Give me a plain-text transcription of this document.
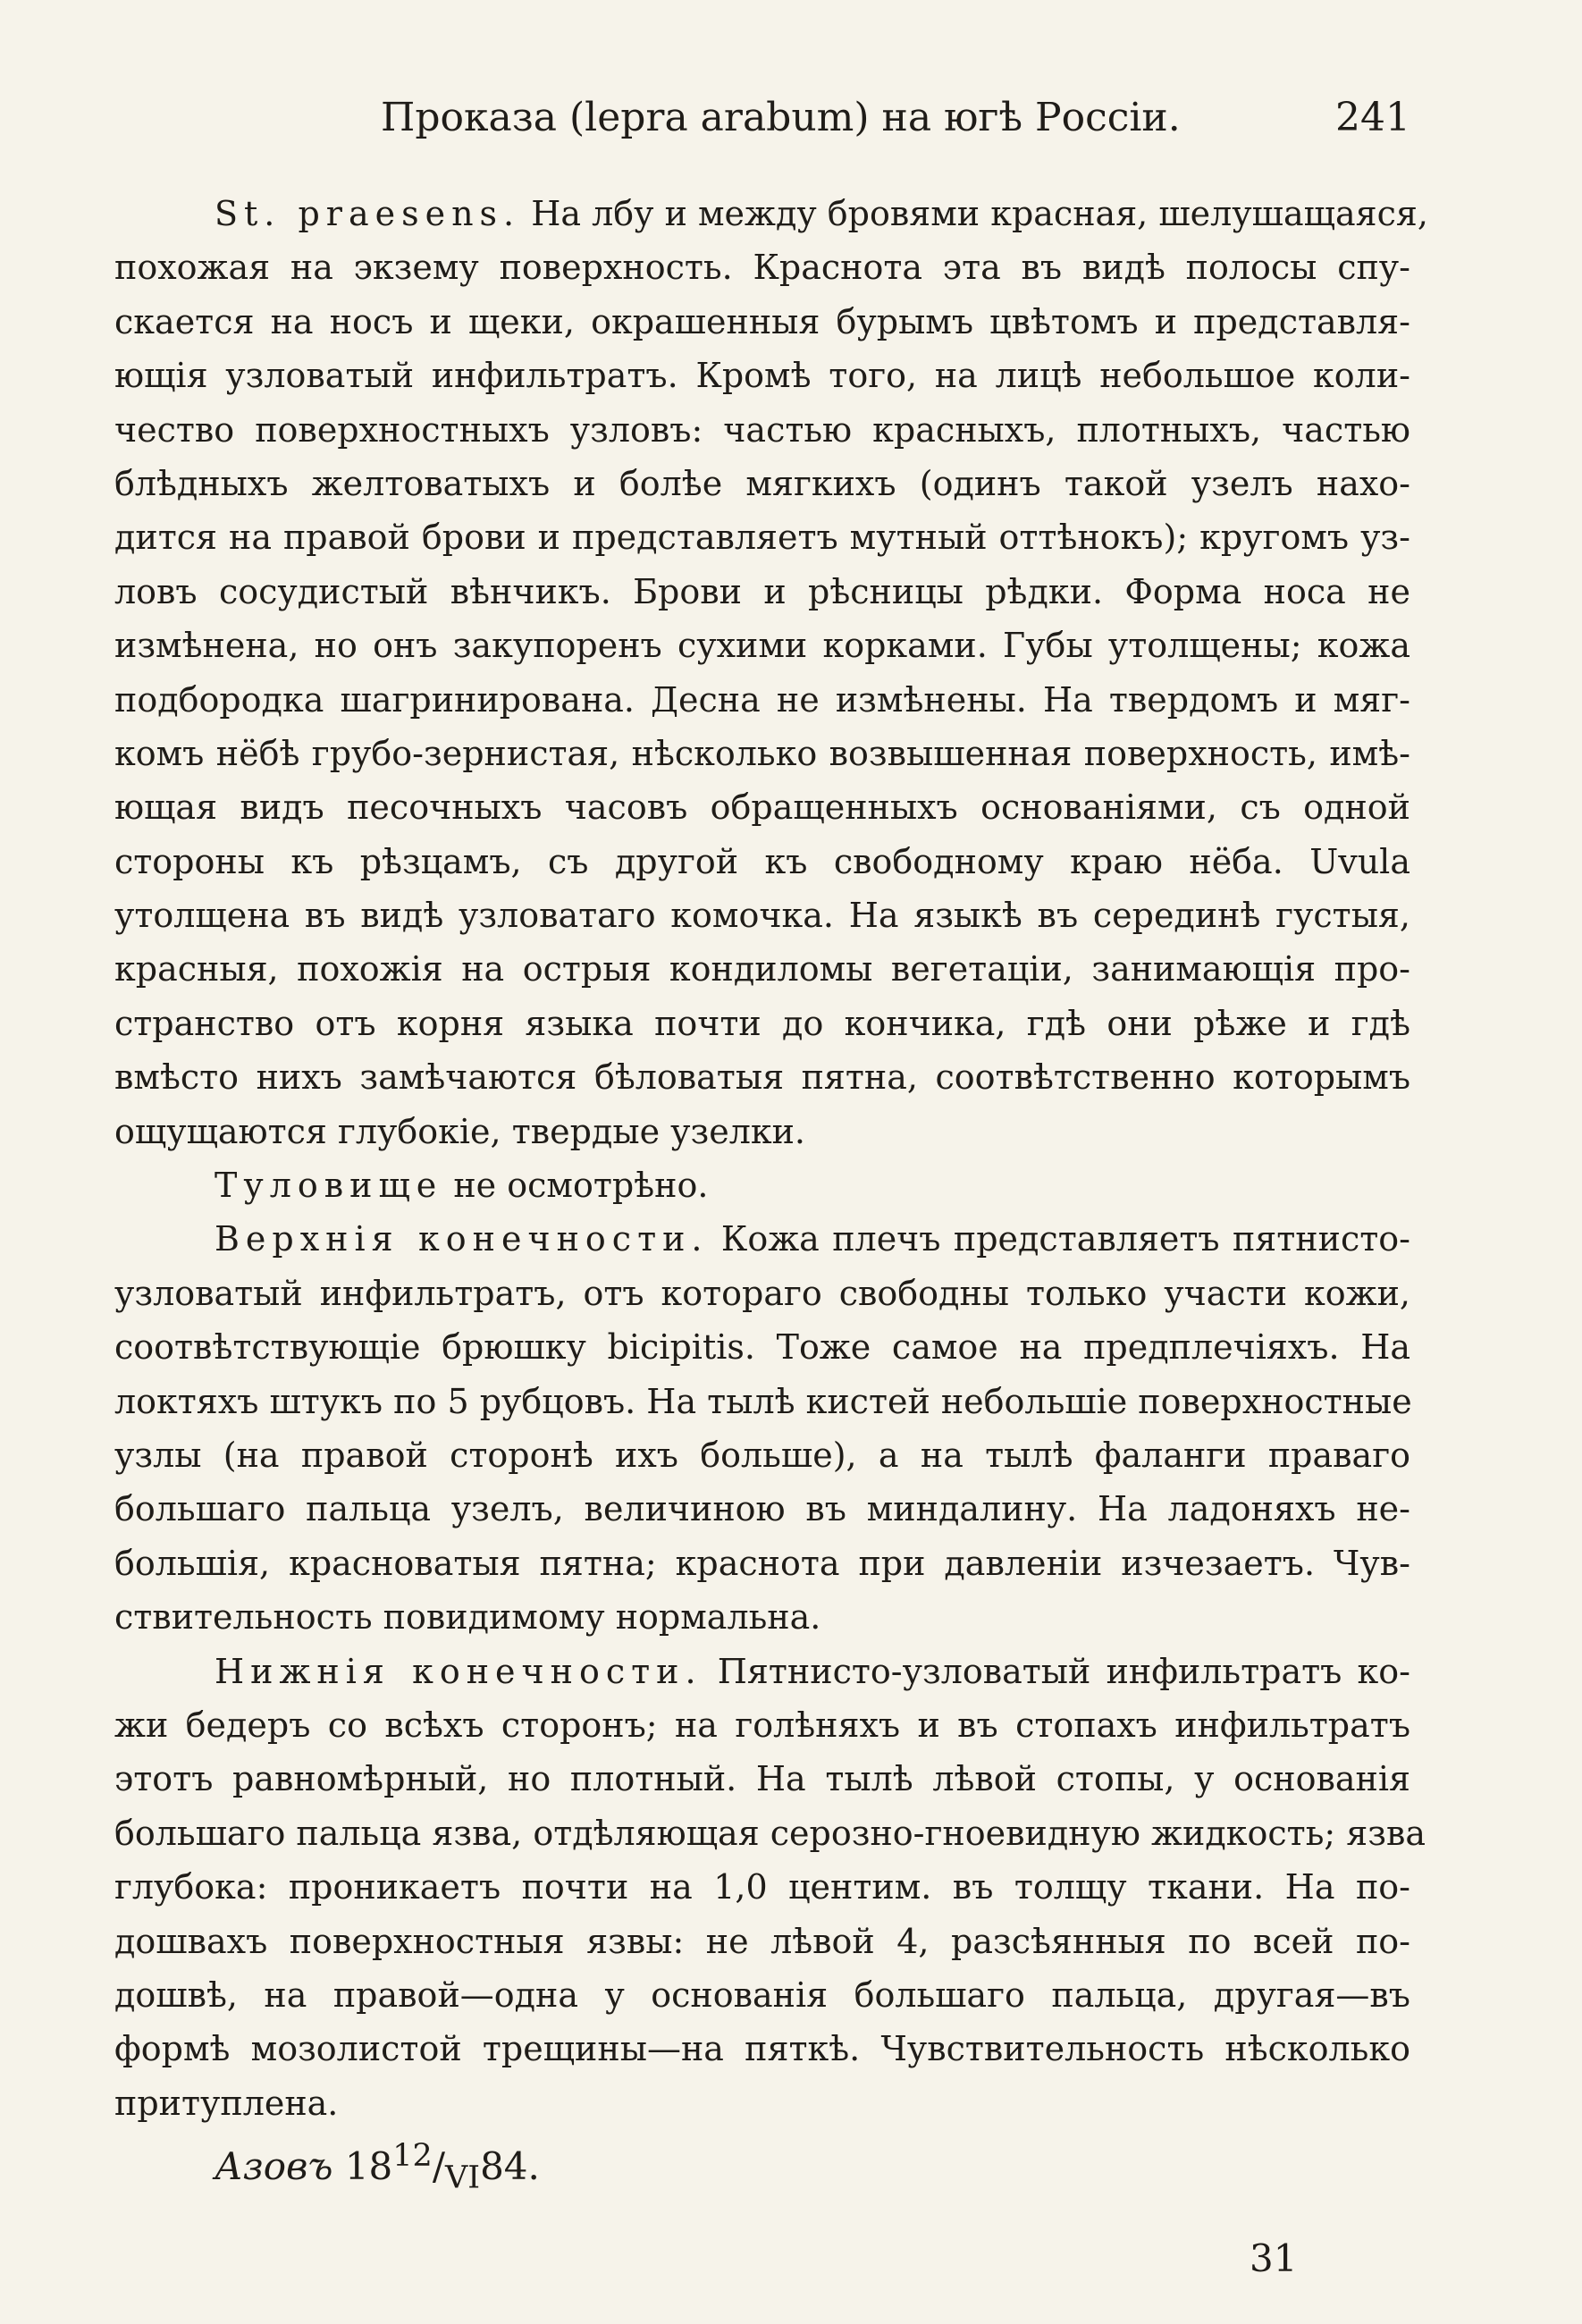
Проказа (lepra arabum) на югѣ Россіи.	241
St. praesens. На лбу и между бровями красная, шелушащаяся,
похожая на экзему поверхность. Краснота эта въ видѣ полосы спу-
скается на носъ и щеки, окрашенныя бурымъ цвѣтомъ и представля-
ющія узловатый инфильтратъ. Кромѣ того, на лицѣ небольшое коли-
чество поверхностныхъ узловъ: частью красныхъ, плотныхъ, частью
блѣдныхъ желтоватыхъ и болѣе мягкихъ (одинъ такой узелъ нахо-
дится на правой брови и представляетъ мутный оттѣнокъ); кругомъ уз-
ловъ сосудистый вѣнчикъ. Брови и рѣсницы рѣдки. Форма носа не
измѣнена, но онъ закупоренъ сухими корками. Губы утолщены; кожа
подбородка шагринирована. Десна не измѣнены. На твердомъ и мяг-
комъ нёбѣ грубо-зернистая, нѣсколько возвышенная поверхность, имѣ-
ющая видъ песочныхъ часовъ обращенныхъ основаніями, съ одной
стороны къ рѣзцамъ, съ другой къ свободному краю нёба. Uvula
утолщена въ видѣ узловатаго комочка. На языкѣ въ серединѣ густыя,
красныя, похожія на острыя кондиломы вегетаціи, занимающія про-
странство отъ корня языка почти до кончика, гдѣ они рѣже и гдѣ
вмѣсто нихъ замѣчаются бѣловатыя пятна, соотвѣтственно которымъ
ощущаются глубокіе, твердые узелки.
Туловище не осмотрѣно.
Верхнія конечности. Кожа плечъ представляетъ пятнисто-
узловатый инфильтратъ, отъ котораго свободны только участи кожи,
соотвѣтствующіе брюшку bicipitis. Тоже самое на предплечіяхъ. На
локтяхъ штукъ по 5 рубцовъ. На тылѣ кистей небольшіе поверхностные
узлы (на правой сторонѣ ихъ больше), а на тылѣ фаланги праваго
большаго пальца узелъ, величиною въ миндалину. На ладоняхъ не-
большія, красноватыя пятна; краснота при давленіи изчезаетъ. Чув-
ствительность повидимому нормальна.
Нижнія конечности. Пятнисто-узловатый инфильтратъ ко-
жи бедеръ со всѣхъ сторонъ; на голѣняхъ и въ стопахъ инфильтратъ
этотъ равномѣрный, но плотный. На тылѣ лѣвой стопы, у основанія
большаго пальца язва, отдѣляющая серозно-гноевидную жидкость; язва
глубока: проникаетъ почти на 1,0 центим. въ толщу ткани. На по-
дошвахъ поверхностныя язвы: не лѣвой 4, разсѣянныя по всей по-
дошвѣ, на правой—одна у основанія большаго пальца, другая—въ
формѣ мозолистой трещины—на пяткѣ. Чувствительность нѣсколько
притуплена.
Азовъ $18^{12}/_{VI}84$.
31
